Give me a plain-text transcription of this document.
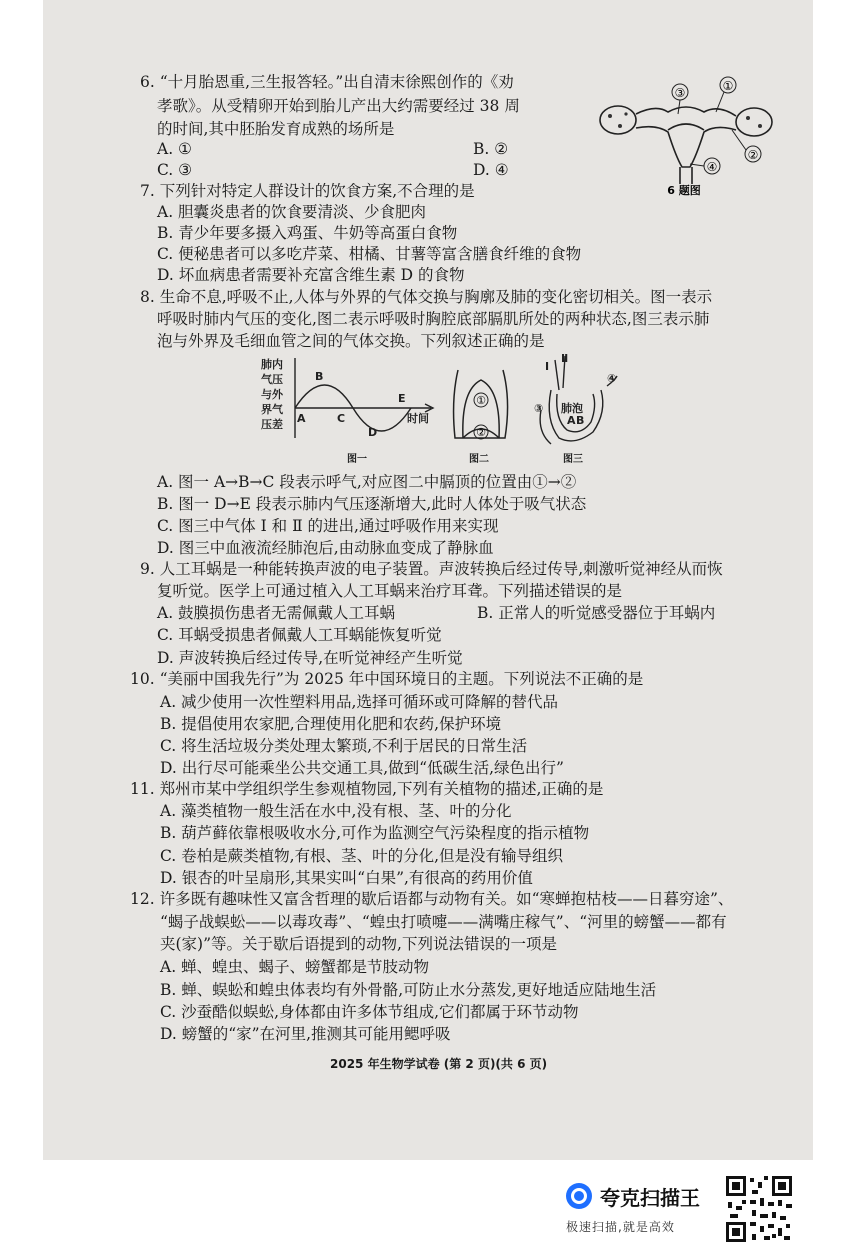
6. “十月胎恩重,三生报答轻。”出自清末徐熙创作的《劝
孝歌》。从受精卵开始到胎儿产出大约需要经过 38 周
的时间,其中胚胎发育成熟的场所是
A. ①	B. ②
C. ③	D. ④
③	①
②
④
6 题图
7. 下列针对特定人群设计的饮食方案,不合理的是
A. 胆囊炎患者的饮食要清淡、少食肥肉
B. 青少年要多摄入鸡蛋、牛奶等高蛋白食物
C. 便秘患者可以多吃芹菜、柑橘、甘薯等富含膳食纤维的食物
D. 坏血病患者需要补充富含维生素 D 的食物
8. 生命不息,呼吸不止,人体与外界的气体交换与胸廓及肺的变化密切相关。图一表示
呼吸时肺内气压的变化,图二表示呼吸时胸腔底部膈肌所处的两种状态,图三表示肺
泡与外界及毛细血管之间的气体交换。下列叙述正确的是
肺内
气压
与外
界气
压差 A
B
C
D
E
时间
①
②
Ⅰ
Ⅱ
③
④
肺泡
A B
图一	图二	图三
A. 图一 A→B→C 段表示呼气,对应图二中膈顶的位置由①→②
B. 图一 D→E 段表示肺内气压逐渐增大,此时人体处于吸气状态
C. 图三中气体 Ⅰ 和 Ⅱ 的进出,通过呼吸作用来实现
D. 图三中血液流经肺泡后,由动脉血变成了静脉血
9. 人工耳蜗是一种能转换声波的电子装置。声波转换后经过传导,刺激听觉神经从而恢
复听觉。医学上可通过植入人工耳蜗来治疗耳聋。下列描述错误的是
A. 鼓膜损伤患者无需佩戴人工耳蜗	B. 正常人的听觉感受器位于耳蜗内
C. 耳蜗受损患者佩戴人工耳蜗能恢复听觉
D. 声波转换后经过传导,在听觉神经产生听觉
10. “美丽中国我先行”为 2025 年中国环境日的主题。下列说法不正确的是
A. 减少使用一次性塑料用品,选择可循环或可降解的替代品
B. 提倡使用农家肥,合理使用化肥和农药,保护环境
C. 将生活垃圾分类处理太繁琐,不利于居民的日常生活
D. 出行尽可能乘坐公共交通工具,做到“低碳生活,绿色出行”
11. 郑州市某中学组织学生参观植物园,下列有关植物的描述,正确的是
A. 藻类植物一般生活在水中,没有根、茎、叶的分化
B. 葫芦藓依靠根吸收水分,可作为监测空气污染程度的指示植物
C. 卷柏是蕨类植物,有根、茎、叶的分化,但是没有输导组织
D. 银杏的叶呈扇形,其果实叫“白果”,有很高的药用价值
12. 许多既有趣味性又富含哲理的歇后语都与动物有关。如“寒蝉抱枯枝——日暮穷途”、
“蝎子战蜈蚣——以毒攻毒”、“蝗虫打喷嚏——满嘴庄稼气”、“河里的螃蟹——都有
夹(家)”等。关于歇后语提到的动物,下列说法错误的一项是
A. 蝉、蝗虫、蝎子、螃蟹都是节肢动物
B. 蝉、蜈蚣和蝗虫体表均有外骨骼,可防止水分蒸发,更好地适应陆地生活
C. 沙蚕酷似蜈蚣,身体都由许多体节组成,它们都属于环节动物
D. 螃蟹的“家”在河里,推测其可能用鳃呼吸
2025 年生物学试卷 (第 2 页)(共 6 页)
夸克扫描王
极速扫描,就是高效
